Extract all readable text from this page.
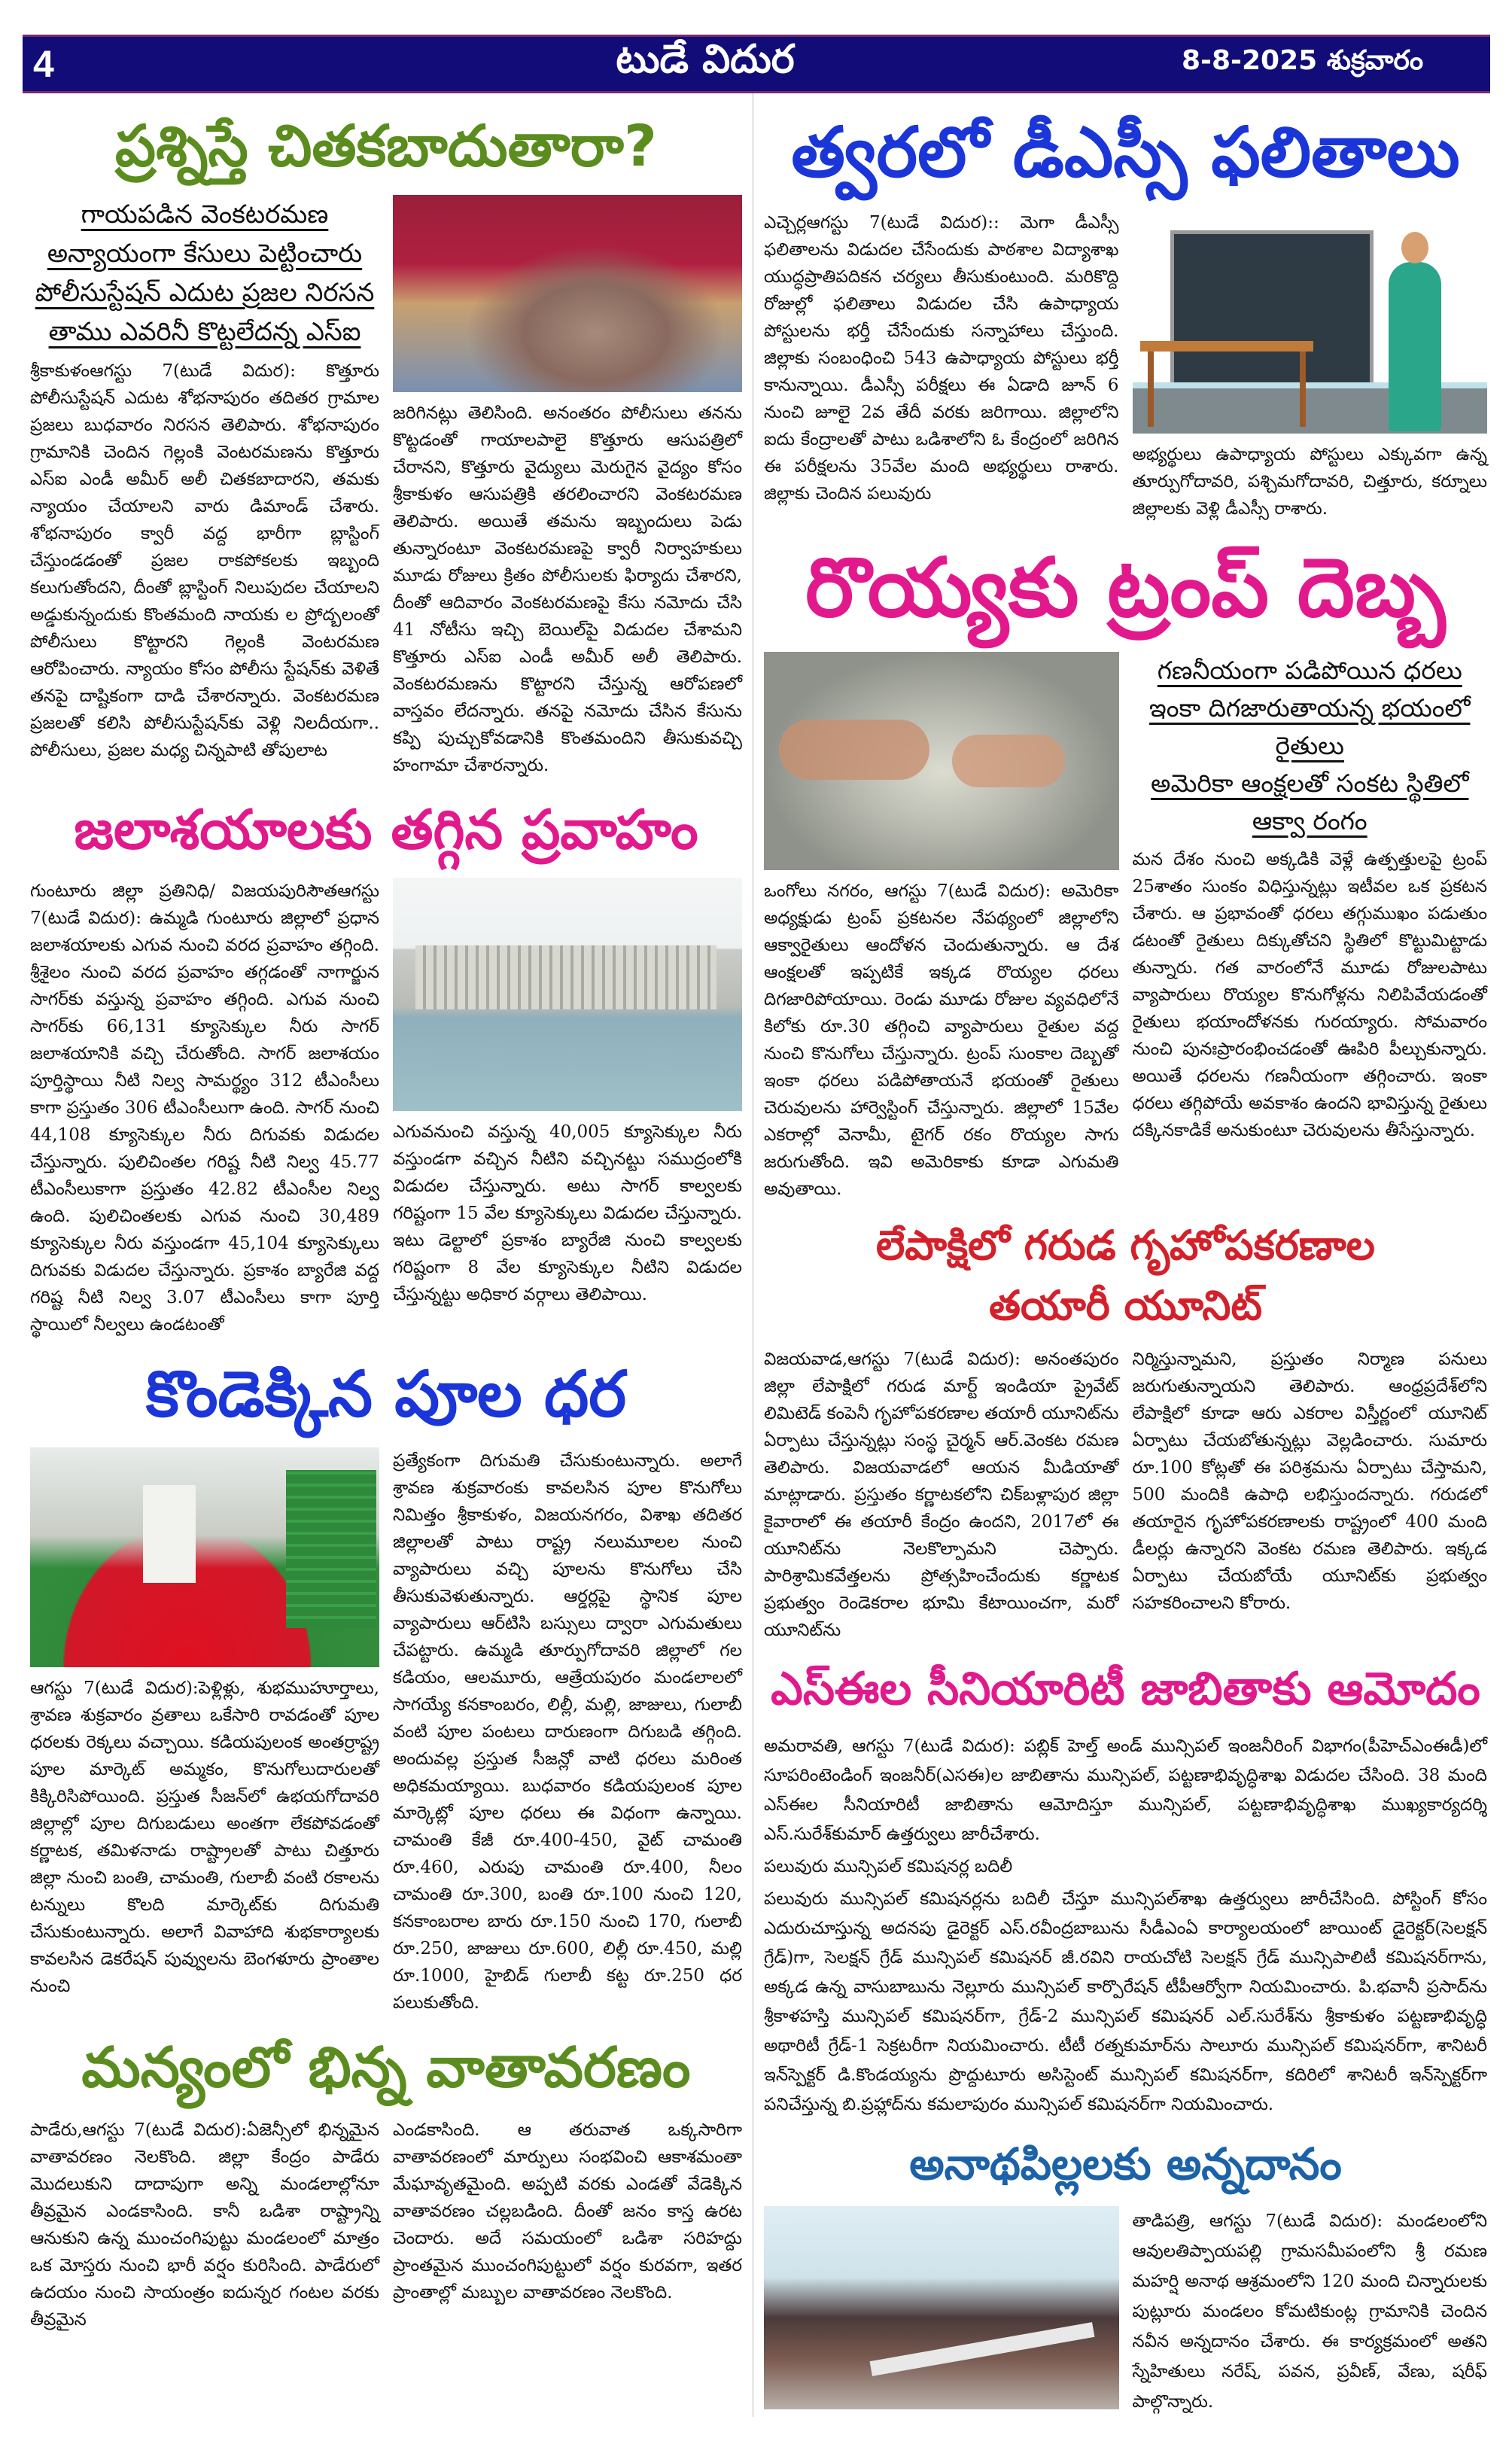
4	టుడే విదుర	8-8-2025 శుక్రవారం
ప్రశ్నిస్తే చితకబాదుతారా?
గాయపడిన వెంకటరమణ
అన్యాయంగా కేసులు పెట్టించారు
పోలీసుస్టేషన్ ఎదుట ప్రజల నిరసన
తాము ఎవరినీ కొట్టలేదన్న ఎస్ఐ
శ్రీకాకుళంఆగస్టు 7(టుడే విదుర): కొత్తూరు పోలీసుస్టేషన్ ఎదుట శోభనాపురం తదితర గ్రామాల ప్రజలు బుధవారం నిరసన తెలిపారు. శోభనాపురం గ్రామానికి చెందిన గెల్లంకి వెంటరమణను కొత్తూరు ఎస్ఐ ఎండీ అమీర్ అలీ చితకబాదారని, తమకు న్యాయం చేయాలని వారు డిమాండ్ చేశారు. శోభనాపురం క్వారీ వద్ద భారీగా బ్లాస్టింగ్ చేస్తుండడంతో ప్రజల రాకపోకలకు ఇబ్బంది కలుగుతోందని, దీంతో బ్లాస్టింగ్ నిలుపుదల చేయాలని అడ్డుకున్నందుకు కొంతమంది నాయకు ల ప్రోద్బలంతో పోలీసులు కొట్టారని గెల్లంకి వెంటరమణ ఆరోపించారు. న్యాయం కోసం పోలీసు స్టేషన్‌కు వెళితే తనపై దాష్టికంగా దాడి చేశారన్నారు. వెంకటరమణ ప్రజలతో కలిసి పోలీసుస్టేషన్‌కు వెళ్లి నిలదీయగా.. పోలీసులు, ప్రజల మధ్య చిన్నపాటి తోపులాట
జరిగినట్లు తెలిసింది. అనంతరం పోలీసులు తనను కొట్టడంతో గాయాలపాలై కొత్తూరు ఆసుపత్రిలో చేరానని, కొత్తూరు వైద్యులు మెరుగైన వైద్యం కోసం శ్రీకాకుళం ఆసుపత్రికి తరలించారని వెంకటరమణ తెలిపారు. అయితే తమను ఇబ్బందులు పెడు తున్నారంటూ వెంకటరమణపై క్వారీ నిర్వాహకులు మూడు రోజులు క్రితం పోలీసులకు ఫిర్యాదు చేశారని, దీంతో ఆదివారం వెంకటరమణపై కేసు నమోదు చేసి 41 నోటీసు ఇచ్చి బెయిల్‌పై విడుదల చేశామని కొత్తూరు ఎస్ఐ ఎండీ అమీర్ అలీ తెలిపారు. వెంకటరమణను కొట్టారని చేస్తున్న ఆరోపణలో వాస్తవం లేదన్నారు. తనపై నమోదు చేసిన కేసును కప్పి పుచ్చుకోవడానికి కొంతమందిని తీసుకువచ్చి హంగామా చేశారన్నారు.
జలాశయాలకు తగ్గిన ప్రవాహం
గుంటూరు జిల్లా ప్రతినిధి/ విజయపురిసౌతఆగస్టు 7(టుడే విదుర): ఉమ్మడి గుంటూరు జిల్లాలో ప్రధాన జలాశయాలకు ఎగువ నుంచి వరద ప్రవాహం తగ్గింది. శ్రీశైలం నుంచి వరద ప్రవాహం తగ్గడంతో నాగార్జున సాగర్‌కు వస్తున్న ప్రవాహం తగ్గింది. ఎగువ నుంచి సాగర్‌కు 66,131 క్యూసెక్కుల నీరు సాగర్ జలాశయానికి వచ్చి చేరుతోంది. సాగర్ జలాశయం పూర్తిస్థాయి నీటి నిల్వ సామర్థ్యం 312 టీఎంసీలు కాగా ప్రస్తుతం 306 టీఎంసీలుగా ఉంది. సాగర్ నుంచి 44,108 క్యూసెక్కుల నీరు దిగువకు విడుదల చేస్తున్నారు. పులిచింతల గరిష్ట నీటి నిల్వ 45.77 టీఎంసీలుకాగా ప్రస్తుతం 42.82 టీఎంసీల నిల్వ ఉంది. పులిచింతలకు ఎగువ నుంచి 30,489 క్యూసెక్కుల నీరు వస్తుండగా 45,104 క్యూసెక్కులు దిగువకు విడుదల చేస్తున్నారు. ప్రకాశం బ్యారేజి వద్ద గరిష్ట నీటి నిల్వ 3.07 టీఎంసీలు కాగా పూర్తి స్థాయిలో నీల్వలు ఉండటంతో
ఎగువనుంచి వస్తున్న 40,005 క్యూసెక్కుల నీరు వస్తుండగా వచ్చిన నీటిని వచ్చినట్టు సముద్రంలోకి విడుదల చేస్తున్నారు. అటు సాగర్ కాల్వలకు గరిష్టంగా 15 వేల క్యూసెక్కులు విడుదల చేస్తున్నారు. ఇటు డెల్టాలో ప్రకాశం బ్యారేజి నుంచి కాల్వలకు గరిష్టంగా 8 వేల క్యూసెక్కుల నీటిని విడుదల చేస్తున్నట్టు అధికార వర్గాలు తెలిపాయి.
కొండెక్కిన పూల ధర
ఆగస్టు 7(టుడే విదుర):పెళ్లిళ్లు, శుభముహూర్తాలు, శ్రావణ శుక్రవారం వ్రతాలు ఒకేసారి రావడంతో పూల ధరలకు రెక్కలు వచ్చాయి. కడియపులంక అంతర్రాష్ట్ర పూల మార్కెట్ అమ్మకం, కొనుగోలుదారులతో కిక్కిరిసిపోయింది. ప్రస్తుత సీజన్‌లో ఉభయగోదావరి జిల్లాల్లో పూల దిగుబడులు అంతగా లేకపోవడంతో కర్ణాటక, తమిళనాడు రాష్ట్రాలతో పాటు చిత్తూరు జిల్లా నుంచి బంతి, చామంతి, గులాబీ వంటి రకాలను టన్నులు కొలది మార్కెట్‌కు దిగుమతి చేసుకుంటున్నారు. అలాగే వివాహాది శుభకార్యాలకు కావలసిన డెకరేషన్ పువ్వులను బెంగళూరు ప్రాంతాల నుంచి
ప్రత్యేకంగా దిగుమతి చేసుకుంటున్నారు. అలాగే శ్రావణ శుక్రవారంకు కావలసిన పూల కొనుగోలు నిమిత్తం శ్రీకాకుళం, విజయనగరం, విశాఖ తదితర జిల్లాలతో పాటు రాష్ట్ర నలుమూలల నుంచి వ్యాపారులు వచ్చి పూలను కొనుగోలు చేసి తీసుకువెళుతున్నారు. ఆర్డర్లపై స్థానిక పూల వ్యాపారులు ఆర్‌టిసి బస్సులు ద్వారా ఎగుమతులు చేపట్టారు. ఉమ్మడి తూర్పుగోదావరి జిల్లాలో గల కడియం, ఆలమూరు, ఆత్రేయపురం మండలాలలో సాగయ్యే కనకాంబరం, లిల్లీ, మల్లి, జాజులు, గులాబీ వంటి పూల పంటలు దారుణంగా దిగుబడి తగ్గింది. అందువల్ల ప్రస్తుత సీజన్లో వాటి ధరలు మరింత అధికమయ్యాయి. బుధవారం కడియపులంక పూల మార్కెట్లో పూల ధరలు ఈ విధంగా ఉన్నాయి. చామంతి కేజీ రూ.400-450, వైట్ చామంతి రూ.460, ఎరుపు చామంతి రూ.400, నీలం చామంతి రూ.300, బంతి రూ.100 నుంచి 120, కనకాంబరాల బారు రూ.150 నుంచి 170, గులాబీ రూ.250, జాజులు రూ.600, లిల్లీ రూ.450, మల్లి రూ.1000, హైబిడ్ గులాబీ కట్ట రూ.250 ధర పలుకుతోంది.
మన్యంలో భిన్న వాతావరణం
పాడేరు,ఆగస్టు 7(టుడే విదుర):ఏజెన్సీలో భిన్నమైన వాతావరణం నెలకొంది. జిల్లా కేంద్రం పాడేరు మొదలుకుని దాదాపుగా అన్ని మండలాల్లోనూ తీవ్రమైన ఎండకాసింది. కానీ ఒడిశా రాష్ట్రాన్ని ఆనుకుని ఉన్న ముంచంగిపుట్టు మండలంలో మాత్రం ఒక మోస్తరు నుంచి భారీ వర్షం కురిసింది. పాడేరులో ఉదయం నుంచి సాయంత్రం ఐదున్నర గంటల వరకు తీవ్రమైన
ఎండకాసింది. ఆ తరువాత ఒక్కసారిగా వాతావరణంలో మార్పులు సంభవించి ఆకాశమంతా మేఘావృతమైంది. అప్పటి వరకు ఎండతో వేడెక్కిన వాతావరణం చల్లబడింది. దీంతో జనం కాస్త ఉరట చెందారు. అదే సమయంలో ఒడిశా సరిహద్దు ప్రాంతమైన ముంచంగిపుట్టులో వర్షం కురవగా, ఇతర ప్రాంతాల్లో మబ్బుల వాతావరణం నెలకొంది.
త్వరలో డీఎస్సీ ఫలితాలు
ఎచ్చెర్లఆగస్టు 7(టుడే విదుర):: మెగా డీఎస్సీ ఫలితాలను విడుదల చేసేందుకు పాఠశాల విద్యాశాఖ యుద్ధప్రాతిపదికన చర్యలు తీసుకుంటుంది. మరికొద్ది రోజుల్లో ఫలితాలు విడుదల చేసి ఉపాధ్యాయ పోస్టులను భర్తీ చేసేందుకు సన్నాహాలు చేస్తుంది. జిల్లాకు సంబంధించి 543 ఉపాధ్యాయ పోస్టులు భర్తీ కానున్నాయి. డీఎస్సీ పరీక్షలు ఈ ఏడాది జూన్ 6 నుంచి జూలై 2వ తేదీ వరకు జరిగాయి. జిల్లాలోని ఐదు కేంద్రాలతో పాటు ఒడిశాలోని ఓ కేంద్రంలో జరిగిన ఈ పరీక్షలను 35వేల మంది అభ్యర్థులు రాశారు. జిల్లాకు చెందిన పలువురు
అభ్యర్థులు ఉపాధ్యాయ పోస్టులు ఎక్కువగా ఉన్న తూర్పుగోదావరి, పశ్చిమగోదావరి, చిత్తూరు, కర్నూలు జిల్లాలకు వెళ్లి డీఎస్సీ రాశారు.
రొయ్యకు ట్రంప్ దెబ్బ
ఒంగోలు నగరం, ఆగస్టు 7(టుడే విదుర): అమెరికా అధ్యక్షుడు ట్రంప్ ప్రకటనల నేపథ్యంలో జిల్లాలోని ఆక్వారైతులు ఆందోళన చెందుతున్నారు. ఆ దేశ ఆంక్షలతో ఇప్పటికే ఇక్కడ రొయ్యల ధరలు దిగజారిపోయాయి. రెండు మూడు రోజుల వ్యవధిలోనే కిలోకు రూ.30 తగ్గించి వ్యాపారులు రైతుల వద్ద నుంచి కొనుగోలు చేస్తున్నారు. ట్రంప్ సుంకాల దెబ్బతో ఇంకా ధరలు పడిపోతాయనే భయంతో రైతులు చెరువులను హార్వెస్టింగ్ చేస్తున్నారు. జిల్లాలో 15వేల ఎకరాల్లో వెనామీ, టైగర్ రకం రొయ్యల సాగు జరుగుతోంది. ఇవి అమెరికాకు కూడా ఎగుమతి అవుతాయి.
గణనీయంగా పడిపోయిన ధరలు
ఇంకా దిగజారుతాయన్న భయంలో
రైతులు
అమెరికా ఆంక్షలతో సంకట స్థితిలో
ఆక్వా రంగం
మన దేశం నుంచి అక్కడికి వెళ్లే ఉత్పత్తులపై ట్రంప్ 25శాతం సుంకం విధిస్తున్నట్లు ఇటీవల ఒక ప్రకటన చేశారు. ఆ ప్రభావంతో ధరలు తగ్గుముఖం పడుతుం డటంతో రైతులు దిక్కుతోచని స్థితిలో కొట్టుమిట్టాడు తున్నారు. గత వారంలోనే మూడు రోజులపాటు వ్యాపారులు రొయ్యల కొనుగోళ్లను నిలిపివేయడంతో రైతులు భయాందోళనకు గురయ్యారు. సోమవారం నుంచి పునఃప్రారంభించడంతో ఊపిరి పీల్చుకున్నారు. అయితే ధరలను గణనీయంగా తగ్గించారు. ఇంకా ధరలు తగ్గిపోయే అవకాశం ఉందని భావిస్తున్న రైతులు దక్కినకాడికే అనుకుంటూ చెరువులను తీసేస్తున్నారు.
లేపాక్షిలో గరుడ గృహోపకరణాల
తయారీ యూనిట్
విజయవాడ,ఆగస్టు 7(టుడే విదుర): అనంతపురం జిల్లా లేపాక్షిలో గరుడ మార్ట్ ఇండియా ప్రైవేట్ లిమిటెడ్ కంపెనీ గృహోపకరణాల తయారీ యూనిట్‌ను ఏర్పాటు చేస్తున్నట్లు సంస్థ చైర్మన్ ఆర్.వెంకట రమణ తెలిపారు. విజయవాడలో ఆయన మీడియాతో మాట్లాడారు. ప్రస్తుతం కర్ణాటకలోని చిక్‌బళ్లాపుర జిల్లా కైవారాలో ఈ తయారీ కేంద్రం ఉందని, 2017లో ఈ యూనిట్‌ను నెలకొల్పామని చెప్పారు. పారిశ్రామికవేత్తలను ప్రోత్సహించేందుకు కర్ణాటక ప్రభుత్వం రెండెకరాల భూమి కేటాయించగా, మరో యూనిట్‌ను
నిర్మిస్తున్నామని, ప్రస్తుతం నిర్మాణ పనులు జరుగుతున్నాయని తెలిపారు. ఆంధ్రప్రదేశ్‌లోని లేపాక్షిలో కూడా ఆరు ఎకరాల విస్తీర్ణంలో యూనిట్ ఏర్పాటు చేయబోతున్నట్లు వెల్లడించారు. సుమారు రూ.100 కోట్లతో ఈ పరిశ్రమను ఏర్పాటు చేస్తామని, 500 మందికి ఉపాధి లభిస్తుందన్నారు. గరుడలో తయారైన గృహోపకరణాలకు రాష్ట్రంలో 400 మంది డీలర్లు ఉన్నారని వెంకట రమణ తెలిపారు. ఇక్కడ ఏర్పాటు చేయబోయే యూనిట్‌కు ప్రభుత్వం సహకరించాలని కోరారు.
ఎస్ఈల సీనియారిటీ జాబితాకు ఆమోదం

అమరావతి, ఆగస్టు 7(టుడే విదుర): పబ్లిక్ హెల్త్ అండ్ మున్సిపల్ ఇంజనీరింగ్ విభాగం(పీహెచ్ఎంఈడీ)లో సూపరింటెండింగ్ ఇంజనీర్(ఎసఈ)ల జాబితాను మున్సిపల్, పట్టణాభివృద్ధిశాఖ విడుదల చేసింది. 38 మంది ఎస్ఈల సీనియారిటీ జాబితాను ఆమోదిస్తూ మున్సిపల్, పట్టణాభివృద్ధిశాఖ ముఖ్యకార్యదర్శి ఎస్.సురేశ్‌కుమార్ ఉత్తర్వులు జారీచేశారు.

పలువురు మున్సిపల్ కమిషనర్ల బదిలీ

పలువురు మున్సిపల్ కమిషనర్లను బదిలీ చేస్తూ మున్సిపల్‌శాఖ ఉత్తర్వులు జారీచేసింది. పోస్టింగ్ కోసం ఎదురుచూస్తున్న అదనపు డైరెక్టర్ ఎస్.రవీంద్రబాబును సీడీఎంఏ కార్యాలయంలో జాయింట్ డైరెక్టర్(సెలక్షన్ గ్రేడ్)గా, సెలక్షన్ గ్రేడ్ మున్సిపల్ కమిషనర్ జీ.రవిని రాయచోటి సెలక్షన్ గ్రేడ్ మున్సిపాలిటీ కమిషనర్‌గాను, అక్కడ ఉన్న వాసుబాబును నెల్లూరు మున్సిపల్ కార్పొరేషన్ టీపీఆర్వోగా నియమించారు. పి.భవానీ ప్రసాద్‌ను శ్రీకాళహస్తి మున్సిపల్ కమిషనర్‌గా, గ్రేడ్-2 మున్సిపల్ కమిషనర్ ఎల్.సురేశ్‌ను శ్రీకాకుళం పట్టణాభివృద్ధి అథారిటీ గ్రేడ్-1 సెక్రటరీగా నియమించారు. టీటీ రత్నకుమార్‌ను సాలూరు మున్సిపల్ కమిషనర్‌గా, శానిటరీ ఇన్‌స్పెక్టర్ డి.కొండయ్యను ప్రొద్దుటూరు అసిస్టెంట్ మున్సిపల్ కమిషనర్‌గా, కదిరిలో శానిటరీ ఇన్‌స్పెక్టర్‌గా పనిచేస్తున్న బి.ప్రహ్లాద్‌ను కమలాపురం మున్సిపల్ కమిషనర్‌గా నియమించారు.

అనాథపిల్లలకు అన్నదానం
తాడిపత్రి, ఆగస్టు 7(టుడే విదుర): మండలంలోని ఆవులతిప్పాయపల్లి గ్రామసమీపంలోని శ్రీ రమణ మహర్షి అనాథ ఆశ్రమంలోని 120 మంది చిన్నారులకు పుట్లూరు మండలం కోమటికుంట్ల గ్రామానికి చెందిన నవీన అన్నదానం చేశారు. ఈ కార్యక్రమంలో అతని స్నేహితులు నరేష్, పవన, ప్రవీణ్, వేణు, షరీఫ్ పాల్గొన్నారు.
